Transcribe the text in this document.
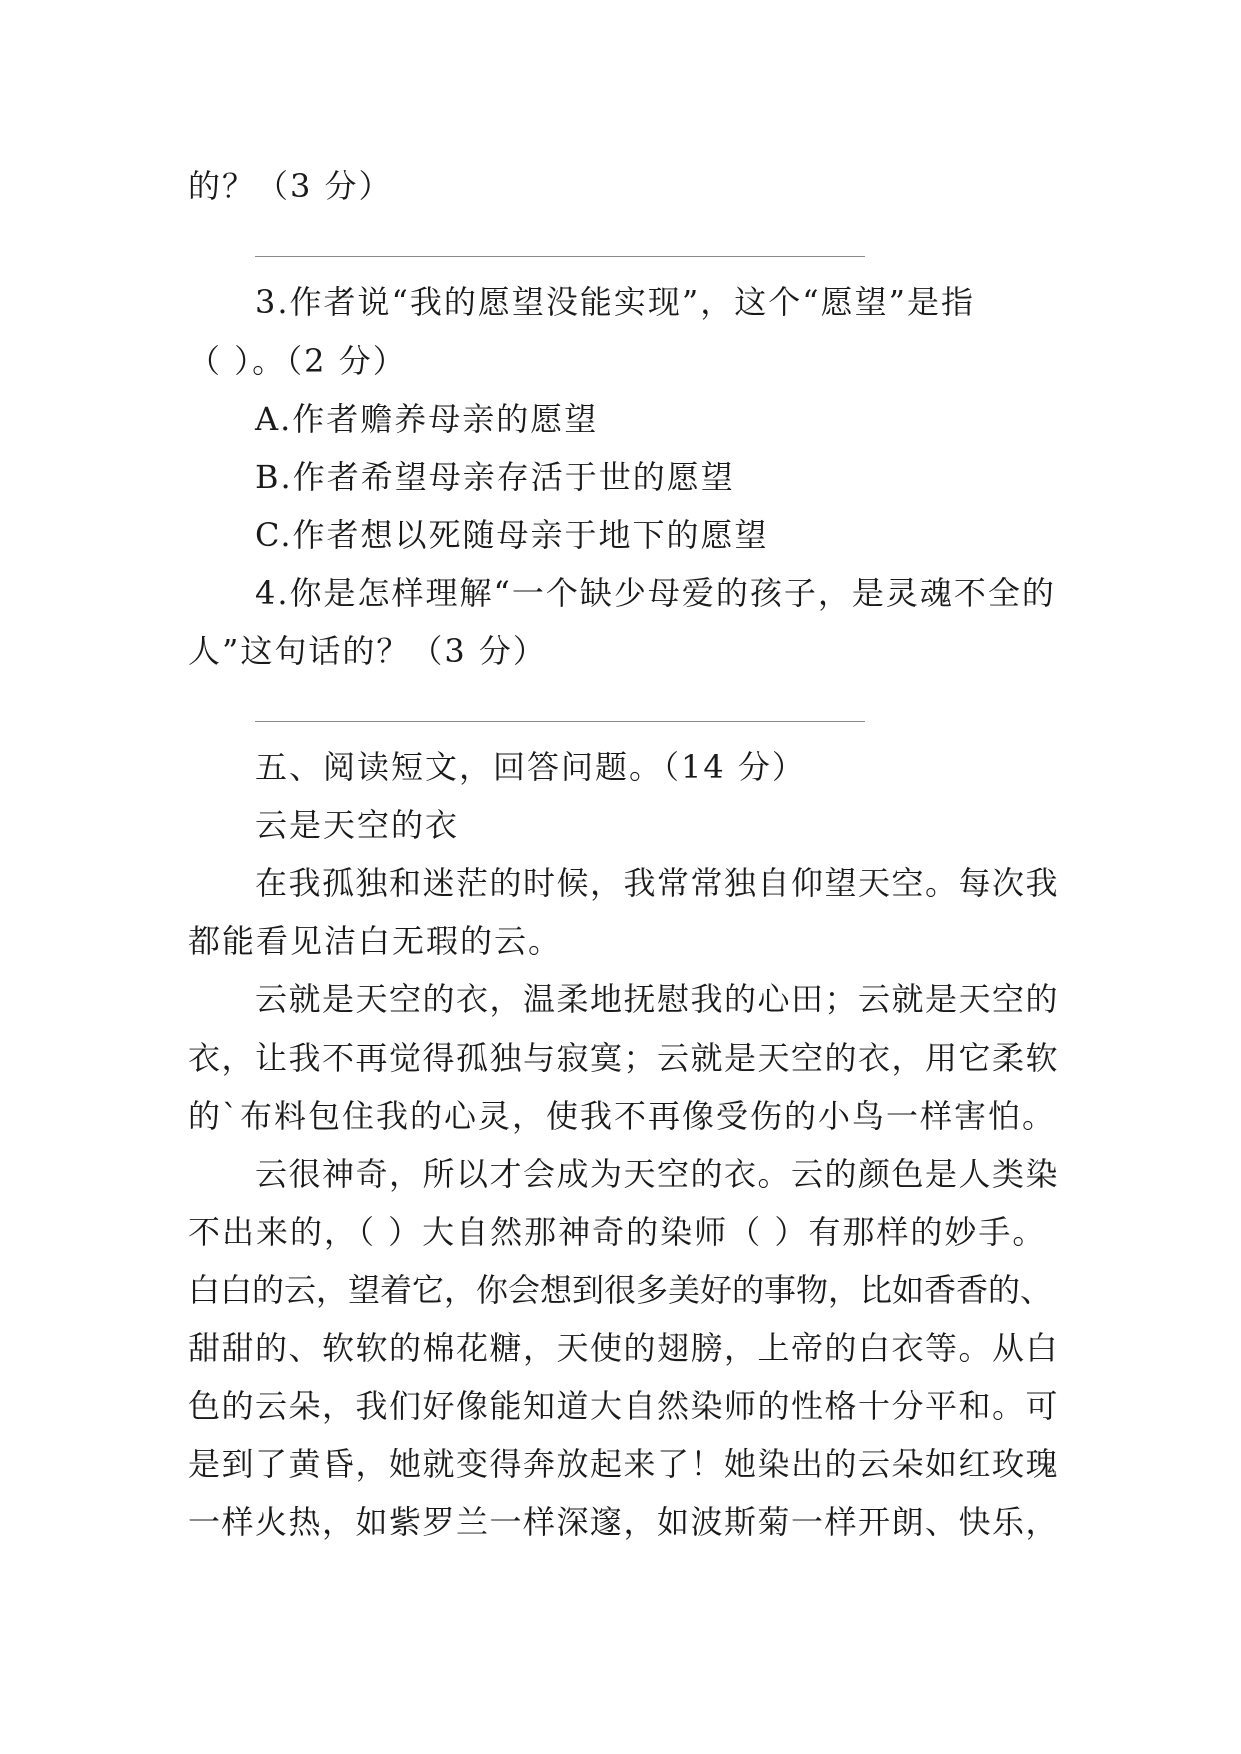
的？（3 分）
3.作者说“我的愿望没能实现”，这个“愿望”是指
（ ）。（2 分）
A.作者赡养母亲的愿望
B.作者希望母亲存活于世的愿望
C.作者想以死随母亲于地下的愿望
4.你是怎样理解“一个缺少母爱的孩子，是灵魂不全的
人”这句话的？（3 分）
五、阅读短文，回答问题。（14 分）
云是天空的衣
在我孤独和迷茫的时候，我常常独自仰望天空。每次我
都能看见洁白无瑕的云。
云就是天空的衣，温柔地抚慰我的心田；云就是天空的
衣，让我不再觉得孤独与寂寞；云就是天空的衣，用它柔软
的`布料包住我的心灵，使我不再像受伤的小鸟一样害怕。
云很神奇，所以才会成为天空的衣。云的颜色是人类染
不出来的，（ ）大自然那神奇的染师（ ）有那样的妙手。
白白的云，望着它，你会想到很多美好的事物，比如香香的、
甜甜的、软软的棉花糖，天使的翅膀，上帝的白衣等。从白
色的云朵，我们好像能知道大自然染师的性格十分平和。可
是到了黄昏，她就变得奔放起来了！她染出的云朵如红玫瑰
一样火热，如紫罗兰一样深邃，如波斯菊一样开朗、快乐，
